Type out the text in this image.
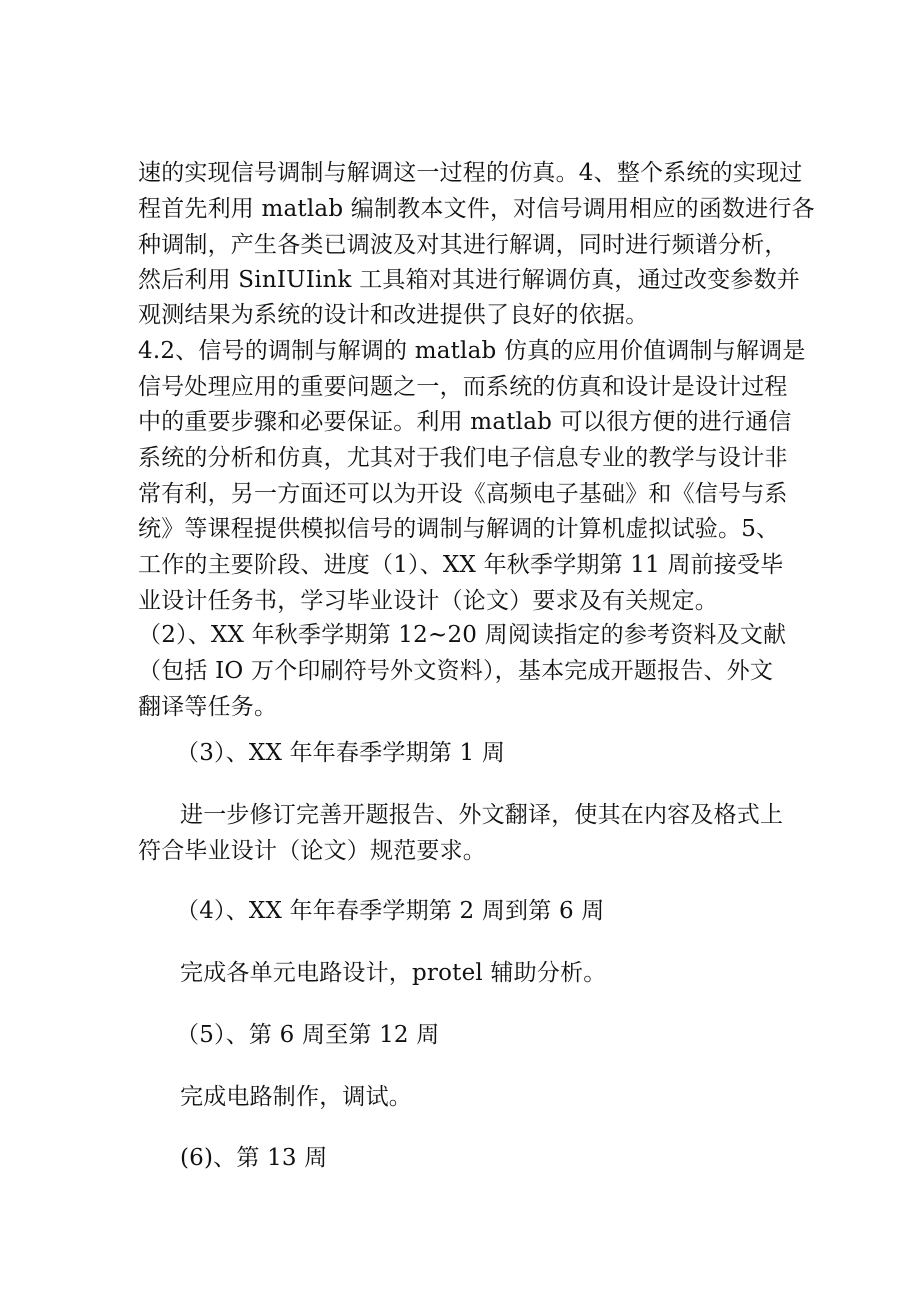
速的实现信号调制与解调这一过程的仿真。4、整个系统的实现过
程首先利用 matlab 编制教本文件，对信号调用相应的函数进行各
种调制，产生各类已调波及对其进行解调，同时进行频谱分析，
然后利用 SinIUIink 工具箱对其进行解调仿真，通过改变参数并
观测结果为系统的设计和改进提供了良好的依据。
4.2、信号的调制与解调的 matlab 仿真的应用价值调制与解调是
信号处理应用的重要问题之一，而系统的仿真和设计是设计过程
中的重要步骤和必要保证。利用 matlab 可以很方便的进行通信
系统的分析和仿真，尤其对于我们电子信息专业的教学与设计非
常有利，另一方面还可以为开设《高频电子基础》和《信号与系
统》等课程提供模拟信号的调制与解调的计算机虚拟试验。5、
工作的主要阶段、进度（1）、XX 年秋季学期第 11 周前接受毕
业设计任务书，学习毕业设计（论文）要求及有关规定。
（2）、XX 年秋季学期第 12~20 周阅读指定的参考资料及文献
（包括 IO 万个印刷符号外文资料），基本完成开题报告、外文
翻译等任务。
（3）、XX 年年春季学期第 1 周
进一步修订完善开题报告、外文翻译，使其在内容及格式上
符合毕业设计（论文）规范要求。
（4）、XX 年年春季学期第 2 周到第 6 周
完成各单元电路设计，protel 辅助分析。
（5）、第 6 周至第 12 周
完成电路制作，调试。
(6)、第 13 周
